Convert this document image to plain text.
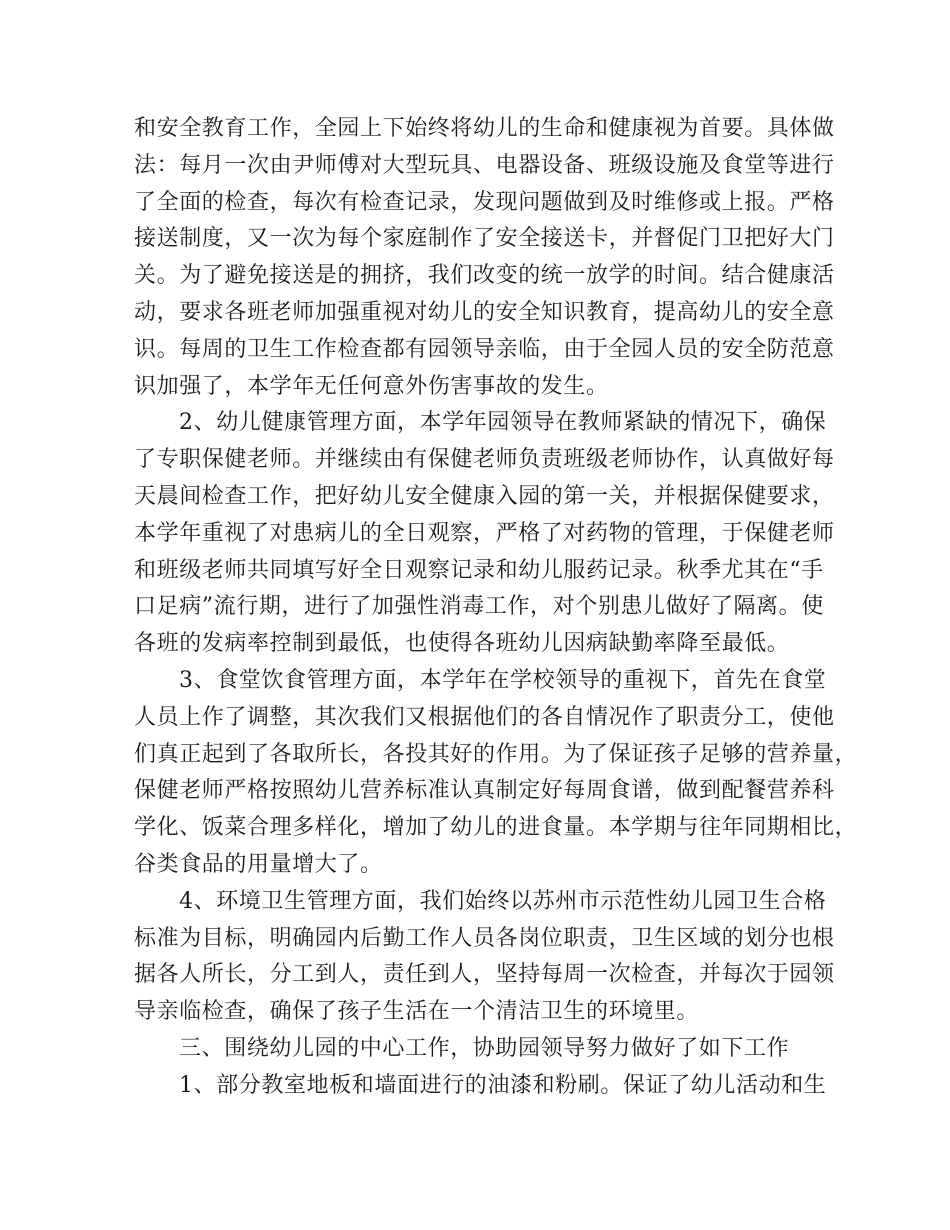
和安全教育工作，全园上下始终将幼儿的生命和健康视为首要。具体做
法：每月一次由尹师傅对大型玩具、电器设备、班级设施及食堂等进行
了全面的检查，每次有检查记录，发现问题做到及时维修或上报。严格
接送制度，又一次为每个家庭制作了安全接送卡，并督促门卫把好大门
关。为了避免接送是的拥挤，我们改变的统一放学的时间。结合健康活
动，要求各班老师加强重视对幼儿的安全知识教育，提高幼儿的安全意
识。每周的卫生工作检查都有园领导亲临，由于全园人员的安全防范意
识加强了，本学年无任何意外伤害事故的发生。
2、幼儿健康管理方面，本学年园领导在教师紧缺的情况下，确保
了专职保健老师。并继续由有保健老师负责班级老师协作，认真做好每
天晨间检查工作，把好幼儿安全健康入园的第一关，并根据保健要求，
本学年重视了对患病儿的全日观察，严格了对药物的管理，于保健老师
和班级老师共同填写好全日观察记录和幼儿服药记录。秋季尤其在“手
口足病”流行期，进行了加强性消毒工作，对个别患儿做好了隔离。使
各班的发病率控制到最低，也使得各班幼儿因病缺勤率降至最低。
3、食堂饮食管理方面，本学年在学校领导的重视下，首先在食堂
人员上作了调整，其次我们又根据他们的各自情况作了职责分工，使他
们真正起到了各取所长，各投其好的作用。为了保证孩子足够的营养量，
保健老师严格按照幼儿营养标准认真制定好每周食谱，做到配餐营养科
学化、饭菜合理多样化，增加了幼儿的进食量。本学期与往年同期相比，
谷类食品的用量增大了。
4、环境卫生管理方面，我们始终以苏州市示范性幼儿园卫生合格
标准为目标，明确园内后勤工作人员各岗位职责，卫生区域的划分也根
据各人所长，分工到人，责任到人，坚持每周一次检查，并每次于园领
导亲临检查，确保了孩子生活在一个清洁卫生的环境里。
三、围绕幼儿园的中心工作，协助园领导努力做好了如下工作
1、部分教室地板和墙面进行的油漆和粉刷。保证了幼儿活动和生
